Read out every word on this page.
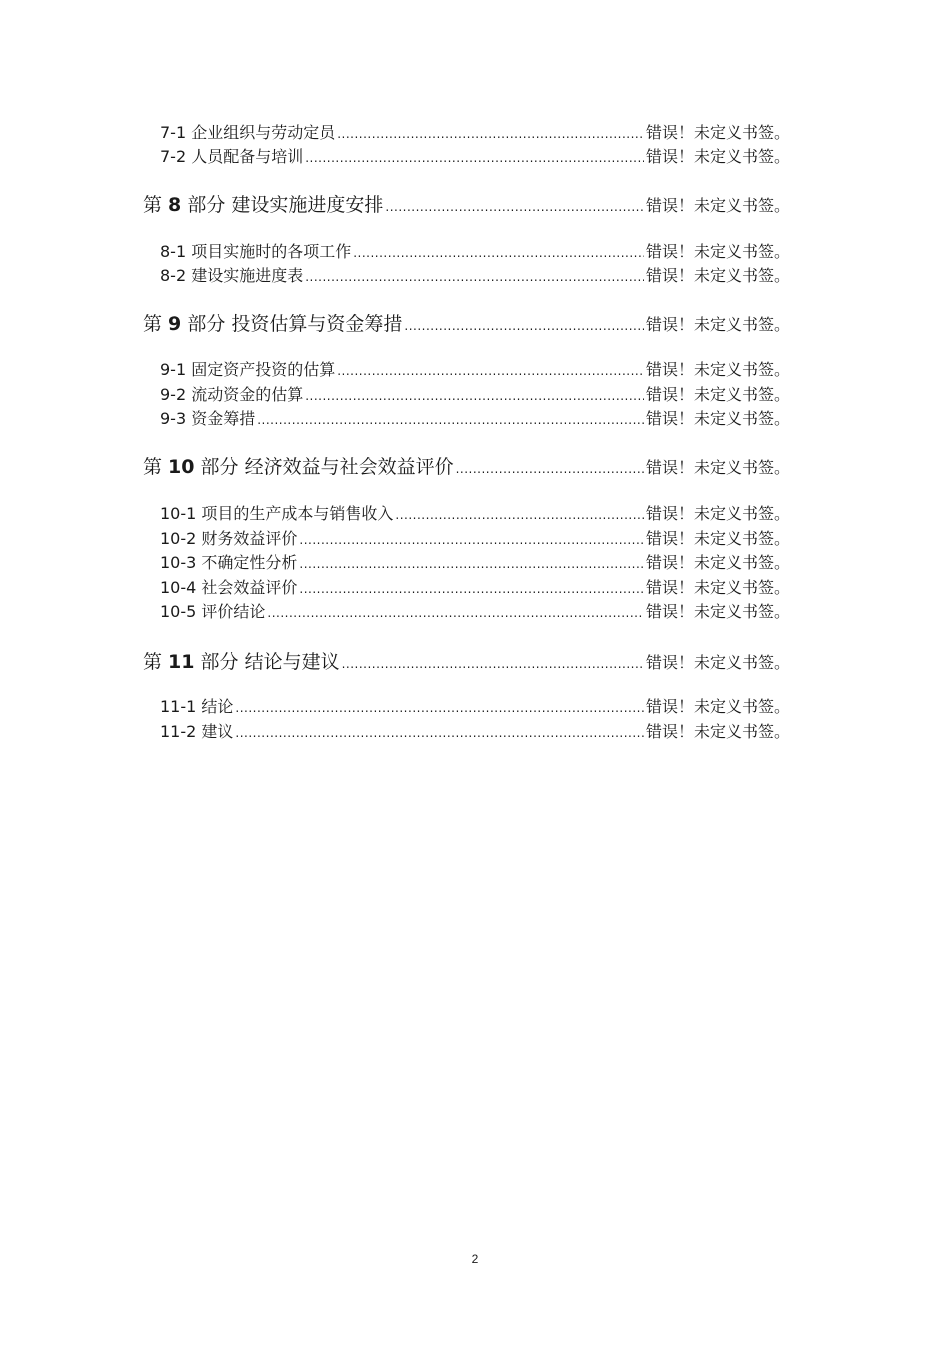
7-1 企业组织与劳动定员 .....	错误！未定义书签。
7-2 人员配备与培训 .....	错误！未定义书签。
第 8 部分 建设实施进度安排 .....	错误！未定义书签。
8-1 项目实施时的各项工作 .....	错误！未定义书签。
8-2 建设实施进度表 .....	错误！未定义书签。
第 9 部分 投资估算与资金筹措 .....	错误！未定义书签。
9-1 固定资产投资的估算 .....	错误！未定义书签。
9-2 流动资金的估算 .....	错误！未定义书签。
9-3 资金筹措 .....	错误！未定义书签。
第 10 部分 经济效益与社会效益评价 .....	错误！未定义书签。
10-1 项目的生产成本与销售收入 .....	错误！未定义书签。
10-2 财务效益评价 .....	错误！未定义书签。
10-3 不确定性分析 .....	错误！未定义书签。
10-4 社会效益评价 .....	错误！未定义书签。
10-5 评价结论 .....	错误！未定义书签。
第 11 部分 结论与建议 .....	错误！未定义书签。
11-1 结论 .....	错误！未定义书签。
11-2 建议 .....	错误！未定义书签。
2
